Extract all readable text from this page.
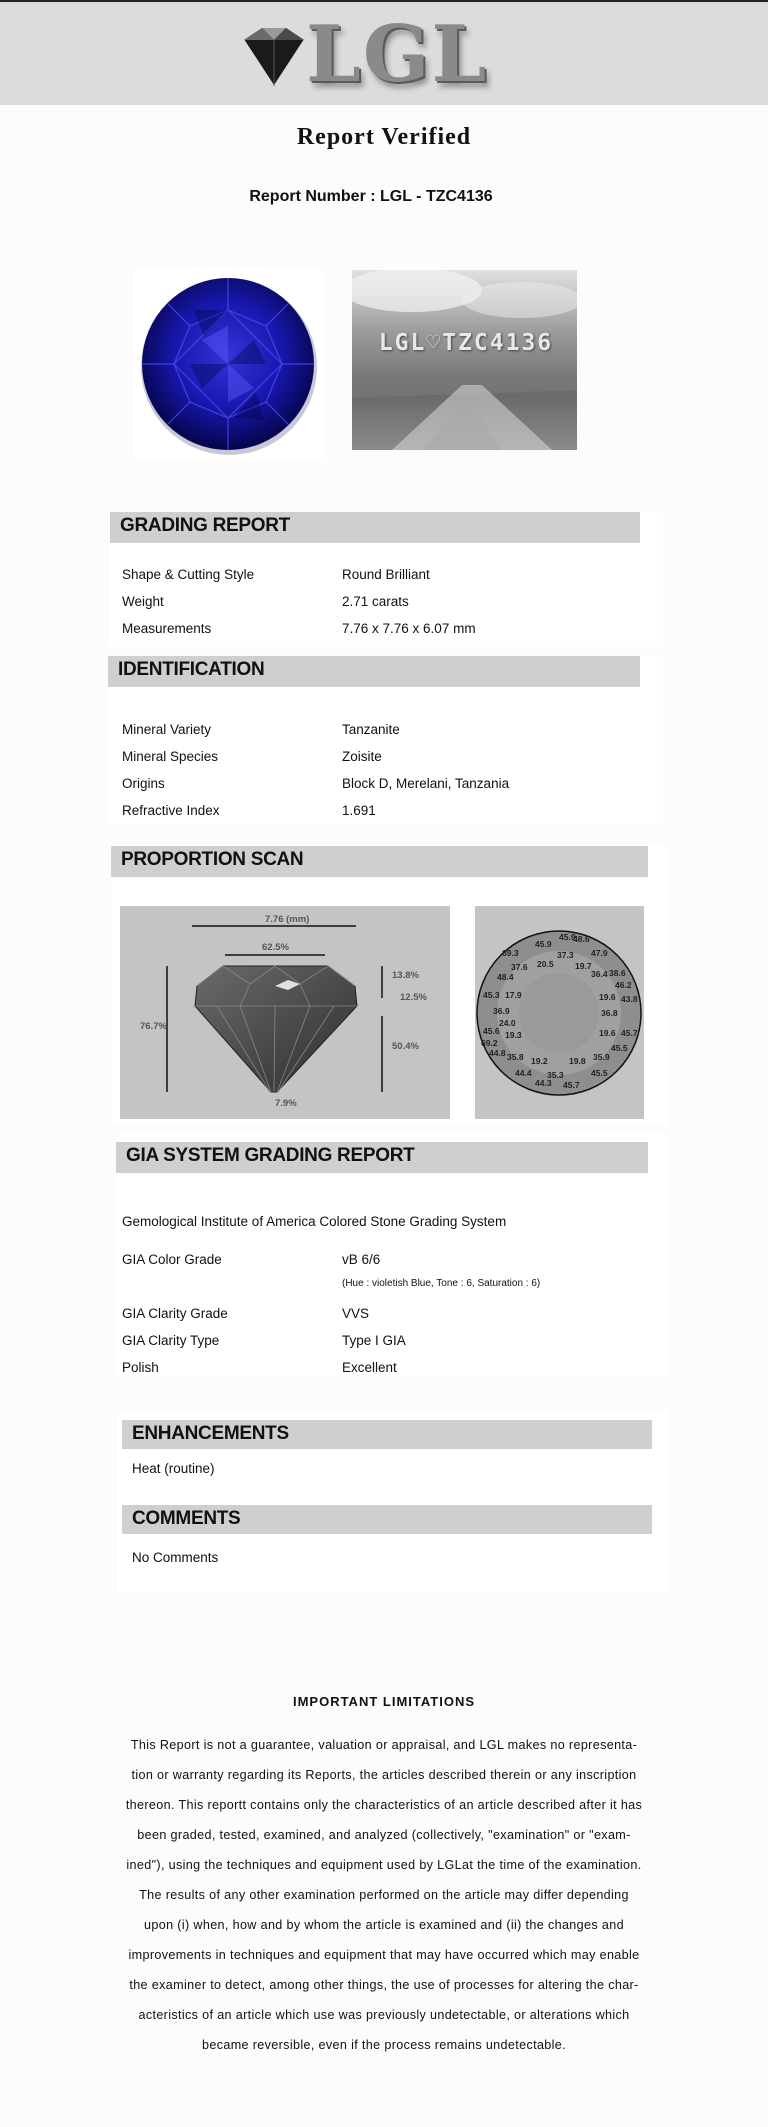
LGL
Report Verified
Report Number : LGL - TZC4136
LGL♡TZC4136
GRADING REPORT
Shape & Cutting Style	Round Brilliant
Weight	2.71 carats
Measurements	7.76 x 7.76 x 6.07 mm
IDENTIFICATION
Mineral Variety	Tanzanite
Mineral Species	Zoisite
Origins	Block D, Merelani, Tanzania
Refractive Index	1.691
PROPORTION SCAN
7.76 (mm)
62.5%
13.8%
12.5%
76.7%
50.4%
7.9%
45.9
69.3
48.6
45.9
47.9
37.6 20.5
37.3
19.7
36.4
48.4	38.6
46.2
45.3 17.9	19.6 43.8
36.9	36.8
24.0
45.7
45.6 19.3	19.6
69.2
44.8	45.5
35.8 19.2	19.8 35.9
44.4 35.3	45.5
44.3 45.7
GIA SYSTEM GRADING REPORT
Gemological Institute of America Colored Stone Grading System
GIA Color Grade	vB 6/6
(Hue : violetish Blue, Tone : 6, Saturation : 6)
GIA Clarity Grade	VVS
GIA Clarity Type	Type I GIA
Polish	Excellent
ENHANCEMENTS
Heat (routine)
COMMENTS
No Comments
IMPORTANT LIMITATIONS
This Report is not a guarantee, valuation or appraisal, and LGL makes no representa-
tion or warranty regarding its Reports, the articles described therein or any inscription
thereon. This reportt contains only the characteristics of an article described after it has
been graded, tested, examined, and analyzed (collectively, "examination" or "exam-
ined"), using the techniques and equipment used by LGLat the time of the examination.
The results of any other examination performed on the article may differ depending
upon (i) when, how and by whom the article is examined and (ii) the changes and
improvements in techniques and equipment that may have occurred which may enable
the examiner to detect, among other things, the use of processes for altering the char-
acteristics of an article which use was previously undetectable, or alterations which
became reversible, even if the process remains undetectable.
